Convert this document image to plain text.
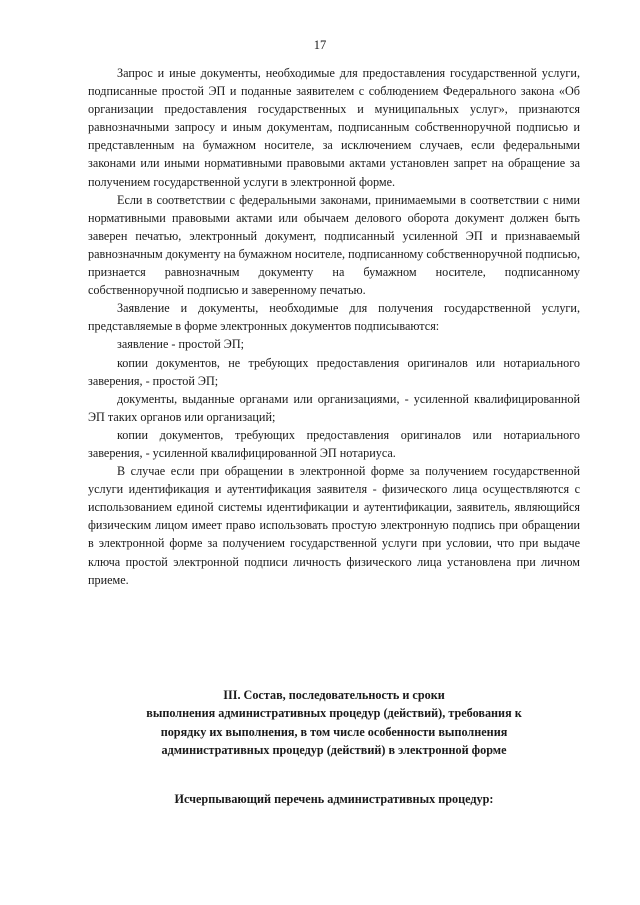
17

Запрос и иные документы, необходимые для предоставления государственной услуги, подписанные простой ЭП и поданные заявителем с соблюдением Федерального закона «Об организации предоставления государственных и муниципальных услуг», признаются равнозначными запросу и иным документам, подписанным собственноручной подписью и представленным на бумажном носителе, за исключением случаев, если федеральными законами или иными нормативными правовыми актами установлен запрет на обращение за получением государственной услуги в электронной форме.

Если в соответствии с федеральными законами, принимаемыми в соответствии с ними нормативными правовыми актами или обычаем делового оборота документ должен быть заверен печатью, электронный документ, подписанный усиленной ЭП и признаваемый равнозначным документу на бумажном носителе, подписанному собственноручной подписью, признается равнозначным документу на бумажном носителе, подписанному собственноручной подписью и заверенному печатью.

Заявление и документы, необходимые для получения государственной услуги, представляемые в форме электронных документов подписываются:

заявление - простой ЭП;

копии документов, не требующих предоставления оригиналов или нотариального заверения, - простой ЭП;

документы, выданные органами или организациями, - усиленной квалифицированной ЭП таких органов или организаций;

копии документов, требующих предоставления оригиналов или нотариального заверения, - усиленной квалифицированной ЭП нотариуса.

В случае если при обращении в электронной форме за получением государственной услуги идентификация и аутентификация заявителя - физического лица осуществляются с использованием единой системы идентификации и аутентификации, заявитель, являющийся физическим лицом имеет право использовать простую электронную подпись при обращении в электронной форме за получением государственной услуги при условии, что при выдаче ключа простой электронной подписи личность физического лица установлена при личном приеме.

III. Состав, последовательность и сроки
выполнения административных процедур (действий), требования к
порядку их выполнения, в том числе особенности выполнения
административных процедур (действий) в электронной форме
Исчерпывающий перечень административных процедур:
